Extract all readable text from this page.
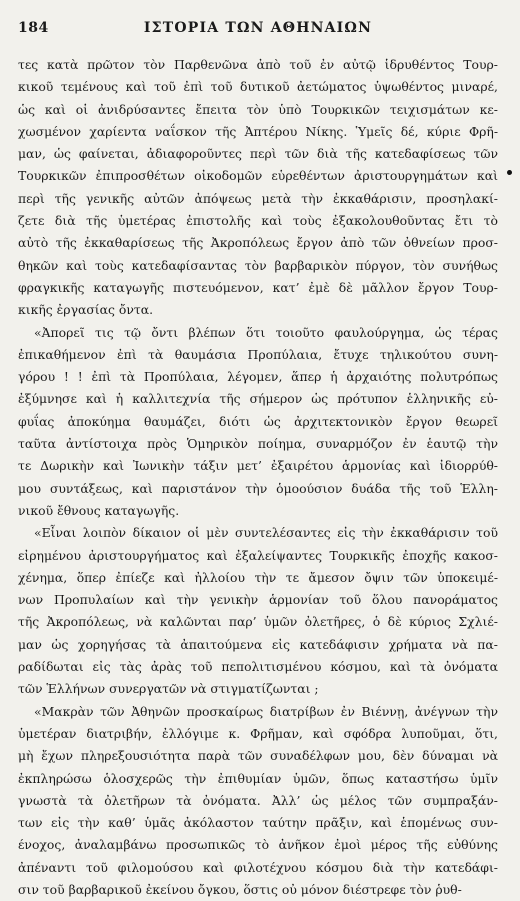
184	ΙΣΤΟΡΙΑ ΤΩΝ ΑΘΗΝΑΙΩΝ
τες κατὰ πρῶτον τὸν Παρθενῶνα ἀπὸ τοῦ ἐν αὐτῷ ἱδρυθέντος Τουρ-
κικοῦ τεμένους καὶ τοῦ ἐπὶ τοῦ δυτικοῦ ἀετώματος ὑψωθέντος μιναρέ,
ὡς καὶ οἱ ἀνιδρύσαντες ἔπειτα τὸν ὑπὸ Τουρκικῶν τειχισμάτων κε-
χωσμένον χαρίεντα ναΐσκον τῆς Ἀπτέρου Νίκης. Ὑμεῖς δέ, κύριε Φρῆ-
μαν, ὡς φαίνεται, ἀδιαφοροῦντες περὶ τῶν διὰ τῆς κατεδαφίσεως τῶν
Τουρκικῶν ἐπιπροσθέτων οἰκοδομῶν εὑρεθέντων ἀριστουργημάτων καὶ
περὶ τῆς γενικῆς αὐτῶν ἀπόψεως μετὰ τὴν ἐκκαθάρισιν, προσηλακί-
ζετε διὰ τῆς ὑμετέρας ἐπιστολῆς καὶ τοὺς ἐξακολουθοῦντας ἔτι τὸ
αὐτὸ τῆς ἐκκαθαρίσεως τῆς Ἀκροπόλεως ἔργον ἀπὸ τῶν ὀθνείων προσ-
θηκῶν καὶ τοὺς κατεδαφίσαντας τὸν βαρβαρικὸν πύργον, τὸν συνήθως
φραγκικῆς καταγωγῆς πιστευόμενον, κατ’ ἐμὲ δὲ μᾶλλον ἔργον Τουρ-
κικῆς ἐργασίας ὄντα.
«Ἀπορεῖ τις τῷ ὄντι βλέπων ὅτι τοιοῦτο φαυλούργημα, ὡς τέρας
ἐπικαθήμενον ἐπὶ τὰ θαυμάσια Προπύλαια, ἔτυχε τηλικούτου συνη-
γόρου ! ! ἐπὶ τὰ Προπύλαια, λέγομεν, ἅπερ ἡ ἀρχαιότης πολυτρόπως
ἐξύμνησε καὶ ἡ καλλιτεχνία τῆς σήμερον ὡς πρότυπον ἑλληνικῆς εὐ-
φυΐας ἀποκύημα θαυμάζει, διότι ὡς ἀρχιτεκτονικὸν ἔργον θεωρεῖ
ταῦτα ἀντίστοιχα πρὸς Ὁμηρικὸν ποίημα, συναρμόζον ἐν ἑαυτῷ τὴν
τε Δωρικὴν καὶ Ἰωνικὴν τάξιν μετ’ ἐξαιρέτου ἁρμονίας καὶ ἰδιορρύθ-
μου συντάξεως, καὶ παριστάνον τὴν ὁμοούσιον δυάδα τῆς τοῦ Ἑλλη-
νικοῦ ἔθνους καταγωγῆς.
«Εἶναι λοιπὸν δίκαιον οἱ μὲν συντελέσαντες εἰς τὴν ἐκκαθάρισιν τοῦ
εἰρημένου ἀριστουργήματος καὶ ἐξαλείψαντες Τουρκικῆς ἐποχῆς κακοσ-
χένημα, ὅπερ ἐπίεζε καὶ ἠλλοίου τὴν τε ἄμεσον ὄψιν τῶν ὑποκειμέ-
νων Προπυλαίων καὶ τὴν γενικὴν ἁρμονίαν τοῦ ὅλου πανοράματος
τῆς Ἀκροπόλεως, νὰ καλῶνται παρ’ ὑμῶν ὀλετῆρες, ὁ δὲ κύριος Σχλιέ-
μαν ὡς χορηγήσας τὰ ἀπαιτούμενα εἰς κατεδάφισιν χρήματα νὰ πα-
ραδίδωται εἰς τὰς ἀρὰς τοῦ πεπολιτισμένου κόσμου, καὶ τὰ ὀνόματα
τῶν Ἑλλήνων συνεργατῶν νὰ στιγματίζωνται ;
«Μακρὰν τῶν Ἀθηνῶν προσκαίρως διατρίβων ἐν Βιέννῃ, ἀνέγνων τὴν
ὑμετέραν διατριβήν, ἐλλόγιμε κ. Φρῆμαν, καὶ σφόδρα λυποῦμαι, ὅτι,
μὴ ἔχων πληρεξουσιότητα παρὰ τῶν συναδέλφων μου, δὲν δύναμαι νὰ
ἐκπληρώσω ὁλοσχερῶς τὴν ἐπιθυμίαν ὑμῶν, ὅπως καταστήσω ὑμῖν
γνωστὰ τὰ ὀλετῆρων τὰ ὀνόματα. Ἀλλ’ ὡς μέλος τῶν συμπραξάν-
των εἰς τὴν καθ’ ὑμᾶς ἀκόλαστον ταύτην πρᾶξιν, καὶ ἑπομένως συν-
ένοχος, ἀναλαμβάνω προσωπικῶς τὸ ἀνῆκον ἐμοὶ μέρος τῆς εὐθύνης
ἀπέναντι τοῦ φιλομούσου καὶ φιλοτέχνου κόσμου διὰ τὴν κατεδάφι-
σιν τοῦ βαρβαρικοῦ ἐκείνου ὄγκου, ὅστις οὐ μόνον διέστρεφε τὸν ῥυθ-
